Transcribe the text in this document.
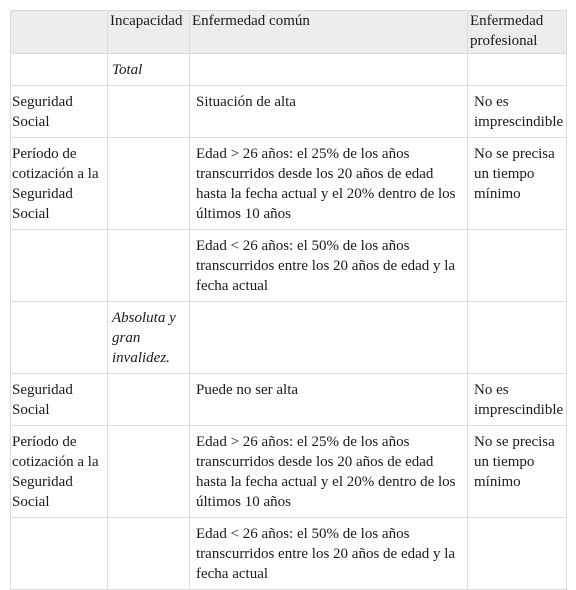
	Incapacidad	Enfermedad común	Enfermedad profesional
	Total		

Seguridad Social		Situación de alta	No es imprescindible

Período de cotización a la Seguridad Social		Edad > 26 años: el 25% de los años transcurridos desde los 20 años de edad hasta la fecha actual y el 20% dentro de los últimos 10 años	No se precisa un tiempo mínimo

		Edad < 26 años: el 50% de los años transcurridos entre los 20 años de edad y la fecha actual	

	Absoluta y gran invalidez.		

Seguridad Social		Puede no ser alta	No es imprescindible

Período de cotización a la Seguridad Social		Edad > 26 años: el 25% de los años transcurridos desde los 20 años de edad hasta la fecha actual y el 20% dentro de los últimos 10 años	No se precisa un tiempo mínimo

		Edad < 26 años: el 50% de los años transcurridos entre los 20 años de edad y la fecha actual	
